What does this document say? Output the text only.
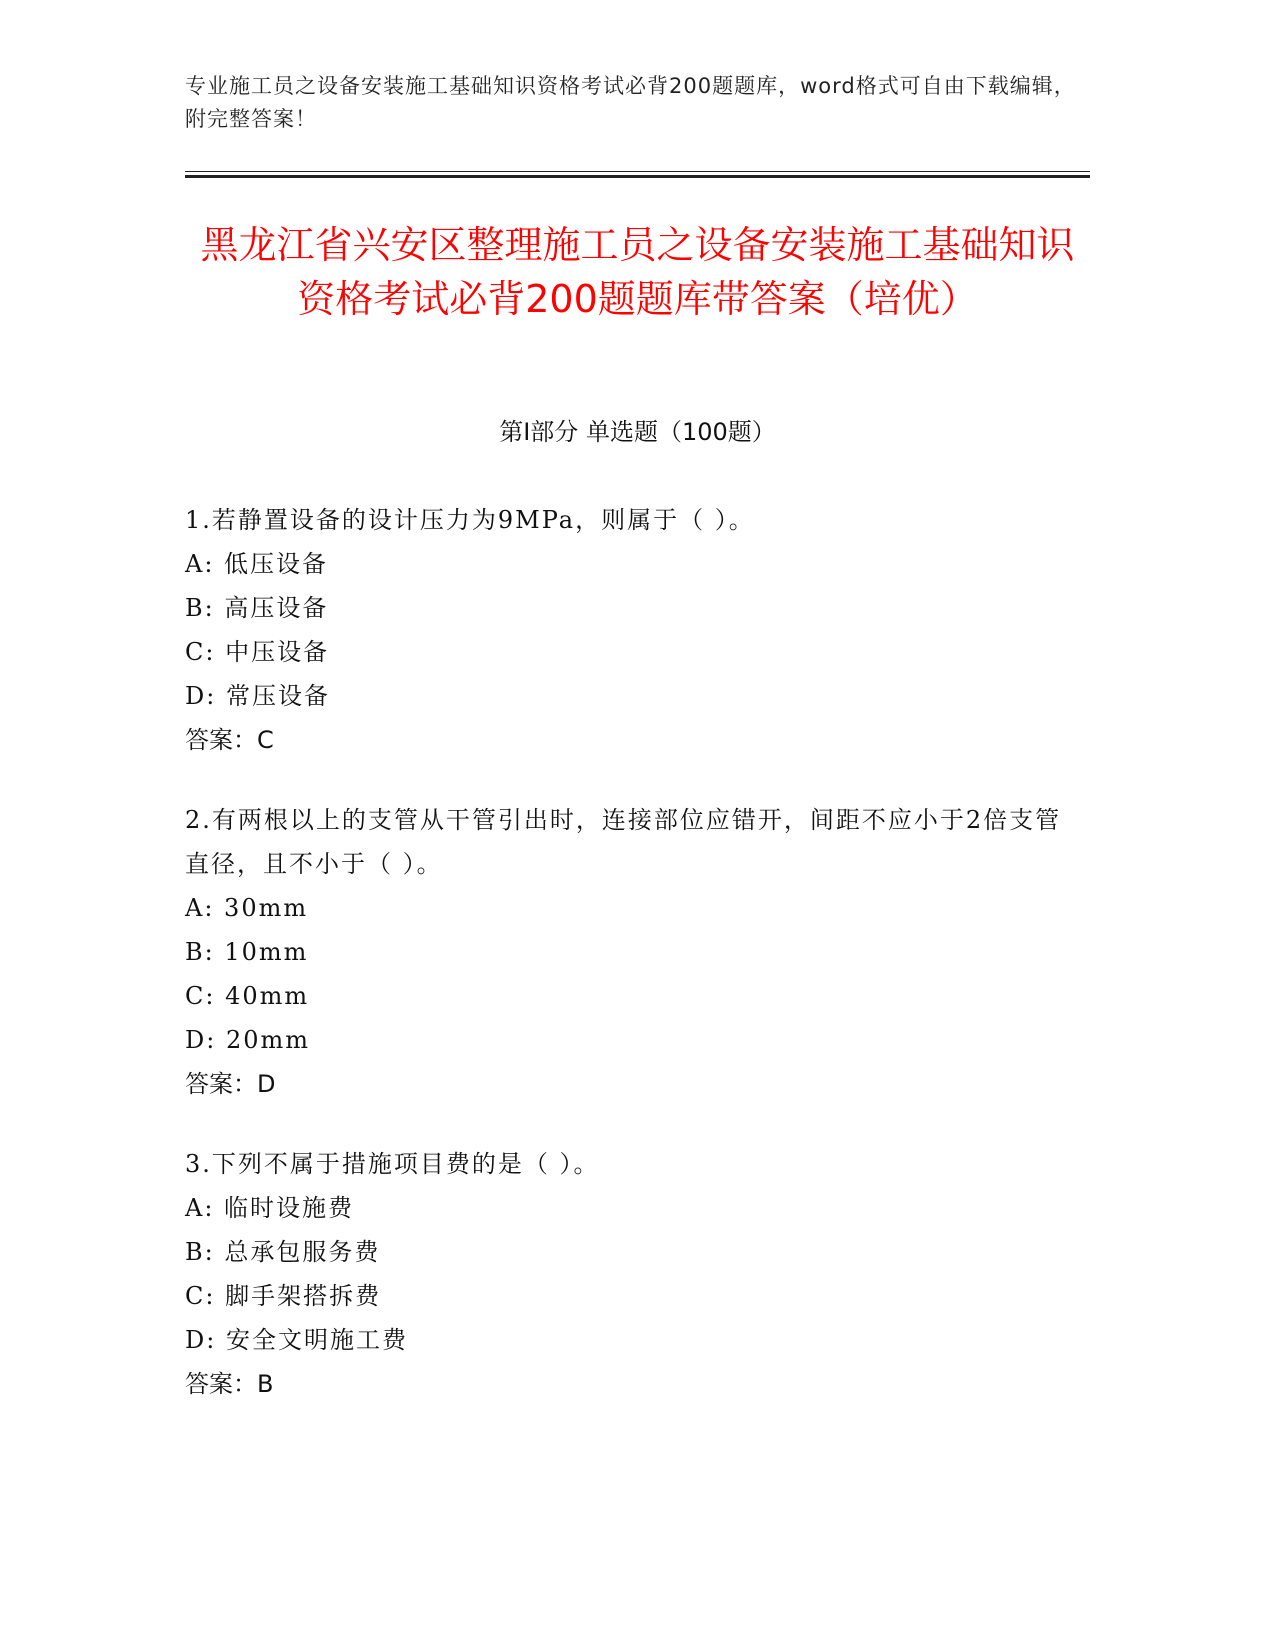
专业施工员之设备安装施工基础知识资格考试必背200题题库，word格式可自由下载编辑，附完整答案！
黑龙江省兴安区整理施工员之设备安装施工基础知识资格考试必背200题题库带答案（培优）
第Ⅰ部分 单选题（100题）
1.若静置设备的设计压力为9MPa，则属于（ ）。
A: 低压设备
B: 高压设备
C: 中压设备
D: 常压设备
答案：C
2.有两根以上的支管从干管引出时，连接部位应错开，间距不应小于2倍支管直径，且不小于（ ）。
A: 30mm
B: 10mm
C: 40mm
D: 20mm
答案：D
3.下列不属于措施项目费的是（ ）。
A: 临时设施费
B: 总承包服务费
C: 脚手架搭拆费
D: 安全文明施工费
答案：B
